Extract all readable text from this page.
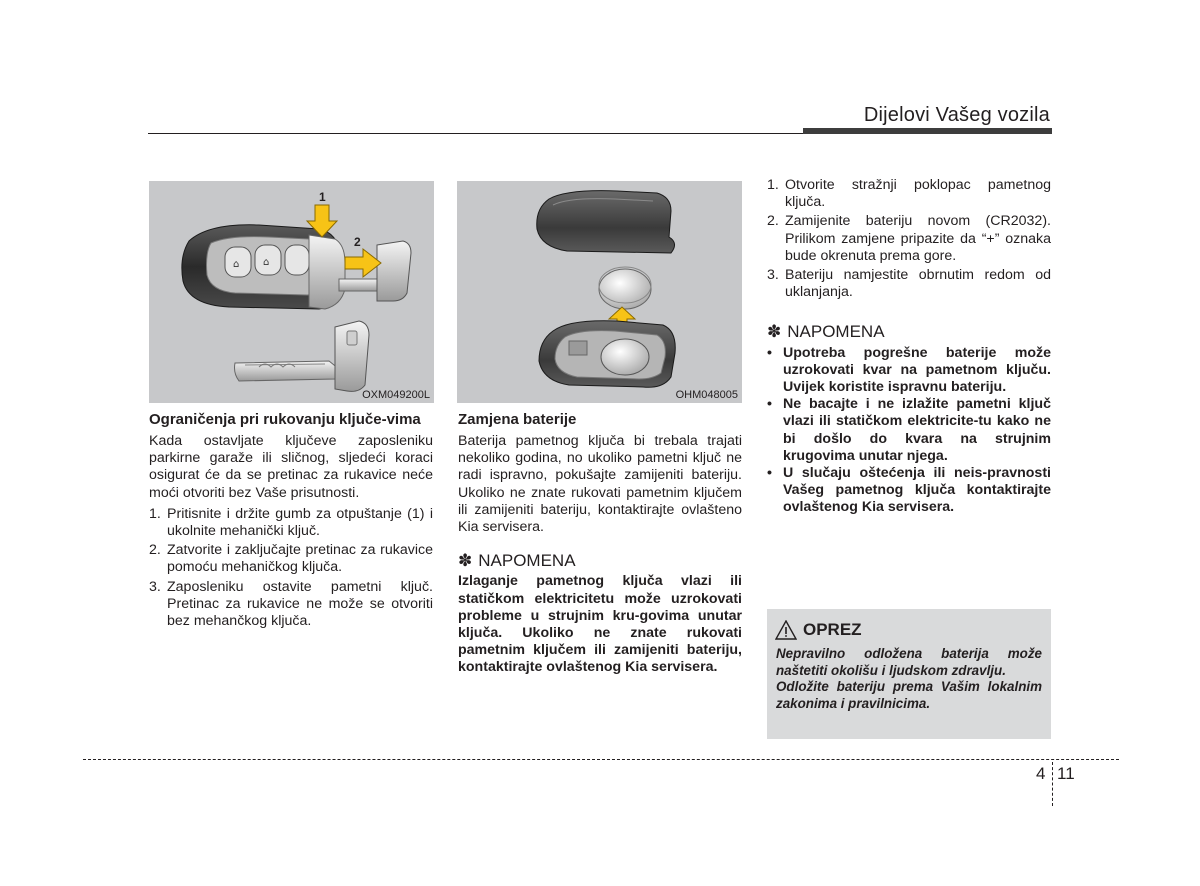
Dijelovi Vašeg vozila
⌂ ⌂
1
2
OXM049200L	OHM048005
Ograničenja pri rukovanju ključe-vima

Kada ostavljate ključeve zaposleniku parkirne garaže ili sličnog, sljedeći koraci osigurat će da se pretinac za rukavice neće moći otvoriti bez Vaše prisutnosti.

1. Pritisnite i držite gumb za otpuštanje (1) i ukolnite mehanički ključ.
2. Zatvorite i zaključajte pretinac za rukavice pomoću mehaničkog ključa.
3. Zaposleniku ostavite pametni ključ. Pretinac za rukavice ne može se otvoriti bez mehančkog ključa.
Zamjena baterije

Baterija pametnog ključa bi trebala trajati nekoliko godina, no ukoliko pametni ključ ne radi ispravno, pokušajte zamijeniti bateriju. Ukoliko ne znate rukovati pametnim ključem ili zamijeniti bateriju, kontaktirajte ovlašteno Kia servisera.

✽ NAPOMENA

Izlaganje pametnog ključa vlazi ili statičkom elektricitetu može uzrokovati probleme u strujnim kru-govima unutar ključa. Ukoliko ne znate rukovati pametnim ključem ili zamijeniti bateriju, kontaktirajte ovlaštenog Kia servisera.

1. Otvorite stražnji poklopac pametnog ključa.
2. Zamijenite bateriju novom (CR2032). Prilikom zamjene pripazite da “+” oznaka bude okrenuta prema gore.
3. Bateriju namjestite obrnutim redom od uklanjanja.
✽ NAPOMENA
• Upotreba pogrešne baterije može uzrokovati kvar na pametnom ključu. Uvijek koristite ispravnu bateriju.
• Ne bacajte i ne izlažite pametni ključ vlazi ili statičkom elektricite-tu kako ne bi došlo do kvara na strujnim krugovima unutar njega.
• U slučaju oštećenja ili neis-pravnosti Vašeg pametnog ključa kontaktirajte ovlaštenog Kia servisera.
OPREZ

Nepravilno odložena baterija može naštetiti okolišu i ljudskom zdravlju.

Odložite bateriju prema Vašim lokalnim zakonima i pravilnicima.

4 11
